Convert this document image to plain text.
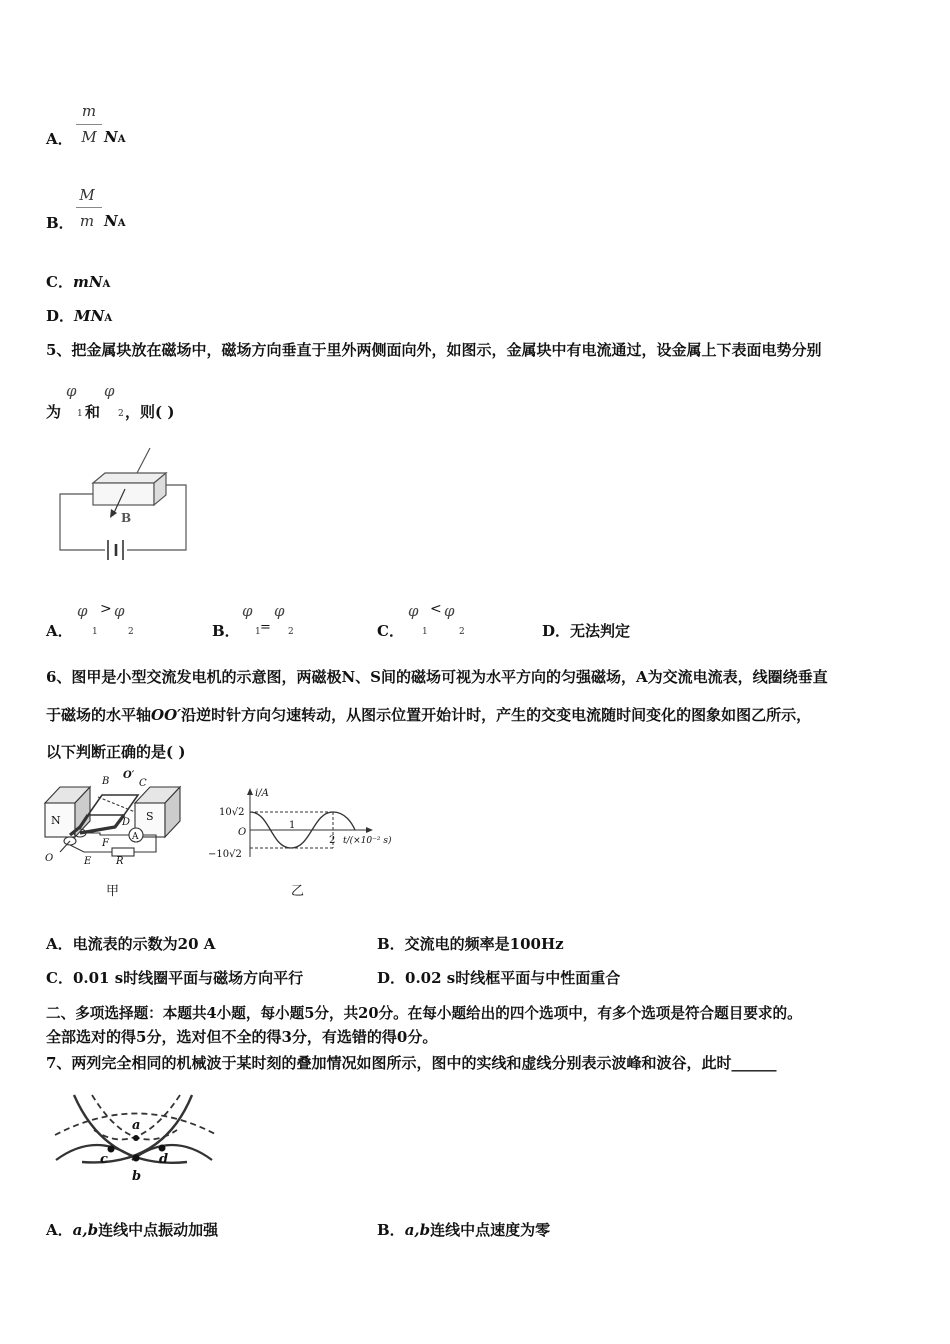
A．
m
M NA
B．
M
m NA
C．mNA
D．MNA
5、把金属块放在磁场中，磁场方向垂直于里外两侧面向外，如图示，金属块中有电流通过，设金属上下表面电势分别
为
φ
1 和
φ
2 ，则( )
B
A．
φ > φ
1	2	B．
φ
1 =
φ
2	C．
φ < φ
1	2	D．无法判定
6、图甲是小型交流发电机的示意图，两磁极N、S间的磁场可视为水平方向的匀强磁场，A为交流电流表，线圈绕垂直
于磁场的水平轴OO′沿逆时针方向匀速转动，从图示位置开始计时，产生的交变电流随时间变化的图象如图乙所示，
以下判断正确的是( )
N	S
B
O′
C
D
A
F
E R
O
甲
i/A
10√2
O
−10√2
1
2 t/(×10⁻² s)
乙
A．电流表的示数为20 A	B．交流电的频率是100Hz
C．0.01 s时线圈平面与磁场方向平行	D．0.02 s时线框平面与中性面重合
二、多项选择题：本题共4小题，每小题5分，共20分。在每小题给出的四个选项中，有多个选项是符合题目要求的。
全部选对的得5分，选对但不全的得3分，有选错的得0分。
7、两列完全相同的机械波于某时刻的叠加情况如图所示，图中的实线和虚线分别表示波峰和波谷，此时______
a
b
c	d
A．a,b连线中点振动加强	B．a,b连线中点速度为零
